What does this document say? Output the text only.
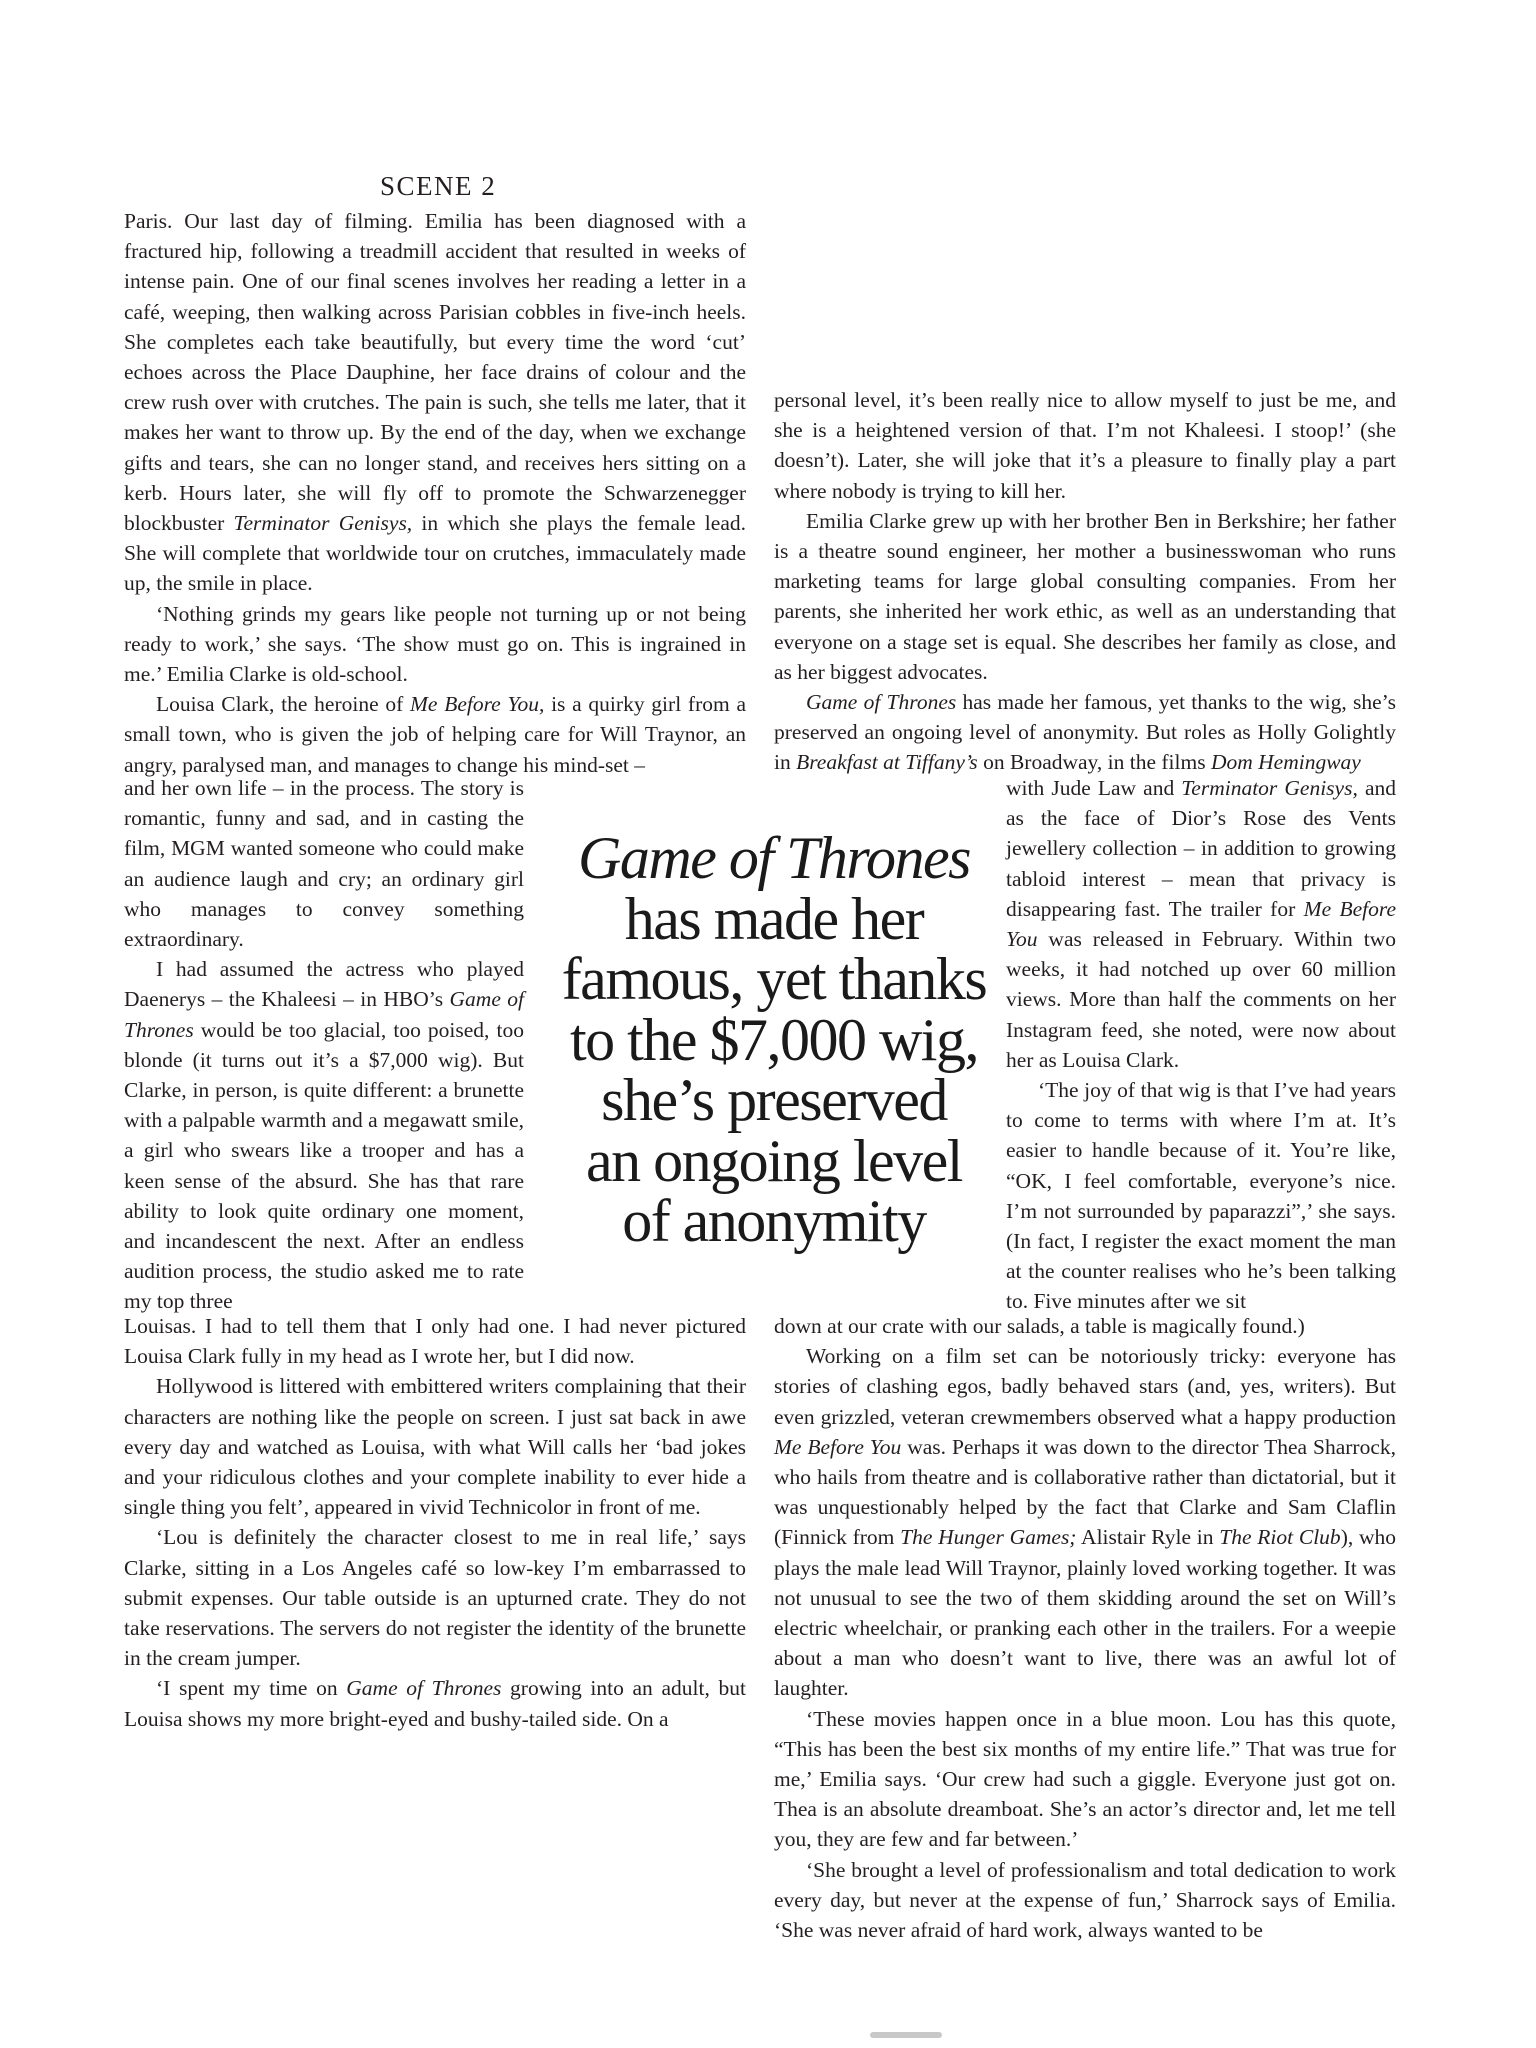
SCENE 2

Paris. Our last day of filming. Emilia has been diagnosed with a fractured hip, following a treadmill accident that resulted in weeks of intense pain. One of our final scenes involves her reading a letter in a café, weeping, then walking across Parisian cobbles in five-inch heels. She completes each take beautifully, but every time the word ‘cut’ echoes across the Place Dauphine, her face drains of colour and the crew rush over with crutches. The pain is such, she tells me later, that it makes her want to throw up. By the end of the day, when we exchange gifts and tears, she can no longer stand, and receives hers sitting on a kerb. Hours later, she will fly off to promote the Schwarzenegger blockbuster Terminator Genisys, in which she plays the female lead. She will complete that worldwide tour on crutches, immaculately made up, the smile in place.

‘Nothing grinds my gears like people not turning up or not being ready to work,’ she says. ‘The show must go on. This is ingrained in me.’ Emilia Clarke is old-school.

Louisa Clark, the heroine of Me Before You, is a quirky girl from a small town, who is given the job of helping care for Will Traynor, an angry, paralysed man, and manages to change his mind-set –

and her own life – in the process. The story is romantic, funny and sad, and in casting the film, MGM wanted someone who could make an audience laugh and cry; an ordinary girl who manages to convey something extraordinary.

I had assumed the actress who played Daenerys – the Khaleesi – in HBO’s Game of Thrones would be too glacial, too poised, too blonde (it turns out it’s a $7,000 wig). But Clarke, in person, is quite different: a brunette with a palpable warmth and a megawatt smile, a girl who swears like a trooper and has a keen sense of the absurd. She has that rare ability to look quite ordinary one moment, and incandescent the next. After an endless audition process, the studio asked me to rate my top three

Louisas. I had to tell them that I only had one. I had never pictured Louisa Clark fully in my head as I wrote her, but I did now.

Hollywood is littered with embittered writers complaining that their characters are nothing like the people on screen. I just sat back in awe every day and watched as Louisa, with what Will calls her ‘bad jokes and your ridiculous clothes and your complete inability to ever hide a single thing you felt’, appeared in vivid Technicolor in front of me.

‘Lou is definitely the character closest to me in real life,’ says Clarke, sitting in a Los Angeles café so low-key I’m embarrassed to submit expenses. Our table outside is an upturned crate. They do not take reservations. The servers do not register the identity of the brunette in the cream jumper.

‘I spent my time on Game of Thrones growing into an adult, but Louisa shows my more bright-eyed and bushy-tailed side. On a

personal level, it’s been really nice to allow myself to just be me, and she is a heightened version of that. I’m not Khaleesi. I stoop!’ (she doesn’t). Later, she will joke that it’s a pleasure to finally play a part where nobody is trying to kill her.

Emilia Clarke grew up with her brother Ben in Berkshire; her father is a theatre sound engineer, her mother a businesswoman who runs marketing teams for large global consulting companies. From her parents, she inherited her work ethic, as well as an understanding that everyone on a stage set is equal. She describes her family as close, and as her biggest advocates.

Game of Thrones has made her famous, yet thanks to the wig, she’s preserved an ongoing level of anonymity. But roles as Holly Golightly in Breakfast at Tiffany’s on Broadway, in the films Dom Hemingway

with Jude Law and Terminator Genisys, and as the face of Dior’s Rose des Vents jewellery collection – in addition to growing tabloid interest – mean that privacy is disappearing fast. The trailer for Me Before You was released in February. Within two weeks, it had notched up over 60 million views. More than half the comments on her Instagram feed, she noted, were now about her as Louisa Clark.

‘The joy of that wig is that I’ve had years to come to terms with where I’m at. It’s easier to handle because of it. You’re like, “OK, I feel comfortable, everyone’s nice. I’m not surrounded by paparazzi”,’ she says. (In fact, I register the exact moment the man at the counter realises who he’s been talking to. Five minutes after we sit

down at our crate with our salads, a table is magically found.)

Working on a film set can be notoriously tricky: everyone has stories of clashing egos, badly behaved stars (and, yes, writers). But even grizzled, veteran crewmembers observed what a happy production Me Before You was. Perhaps it was down to the director Thea Sharrock, who hails from theatre and is collaborative rather than dictatorial, but it was unquestionably helped by the fact that Clarke and Sam Claflin (Finnick from The Hunger Games; Alistair Ryle in The Riot Club), who plays the male lead Will Traynor, plainly loved working together. It was not unusual to see the two of them skidding around the set on Will’s electric wheelchair, or pranking each other in the trailers. For a weepie about a man who doesn’t want to live, there was an awful lot of laughter.

‘These movies happen once in a blue moon. Lou has this quote, “This has been the best six months of my entire life.” That was true for me,’ Emilia says. ‘Our crew had such a giggle. Everyone just got on. Thea is an absolute dreamboat. She’s an actor’s director and, let me tell you, they are few and far between.’

‘She brought a level of professionalism and total dedication to work every day, but never at the expense of fun,’ Sharrock says of Emilia. ‘She was never afraid of hard work, always wanted to be

Game of Thrones
has made her
famous, yet thanks
to the $7,000 wig,
she’s preserved
an ongoing level
of anonymity
